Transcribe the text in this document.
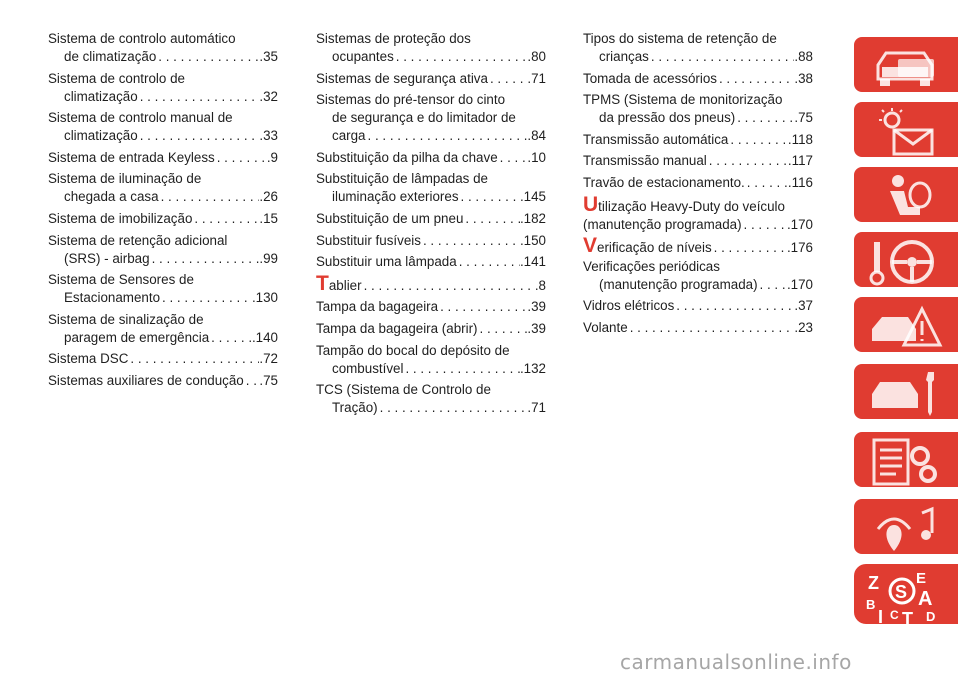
Sistema de controlo automático
de climatização . . .	.35
Sistema de controlo de
climatização . . .	.32
Sistema de controlo manual de
climatização . . .	.33
Sistema de entrada Keyless . . .	.9
Sistema de iluminação de
chegada a casa . . .	.26
Sistema de imobilização . . .	.15
Sistema de retenção adicional
(SRS) - airbag . . .	.99
Sistema de Sensores de
Estacionamento . . .	.130
Sistema de sinalização de
paragem de emergência . . .	.140
Sistema DSC . . .	.72
Sistemas auxiliares de condução . . . .75
Sistemas de proteção dos
ocupantes . . .	.80
Sistemas de segurança ativa . . .	.71
Sistemas do pré-tensor do cinto
de segurança e do limitador de
carga . . .	.84
Substituição da pilha da chave . . . .10
Substituição de lâmpadas de
iluminação exteriores . . .	.145
Substituição de um pneu . . .	.182
Substituir fusíveis . . .	.150
Substituir uma lâmpada . . .	.141
T ablier . . .	.8
Tampa da bagageira . . .	.39
Tampa da bagageira (abrir) . . .	.39
Tampão do bocal do depósito de
combustível . . .	.132
TCS (Sistema de Controlo de
Tração) . . .	.71
Tipos do sistema de retenção de
crianças . . .	.88
Tomada de acessórios . . .	.38
TPMS (Sistema de monitorização
da pressão dos pneus) . . .	.75
Transmissão automática . . .	.118
Transmissão manual . . .	.117
Travão de estacionamento. . . .	.116
U tilização Heavy-Duty do veículo
(manutenção programada) . . .	.170
V erificação de níveis . . .	.176
Verificações periódicas
(manutenção programada) . . . .170
Vidros elétricos . . .	.37
Volante . . .	.23
Z E
S A
B
I C T D
carmanualsonline.info
